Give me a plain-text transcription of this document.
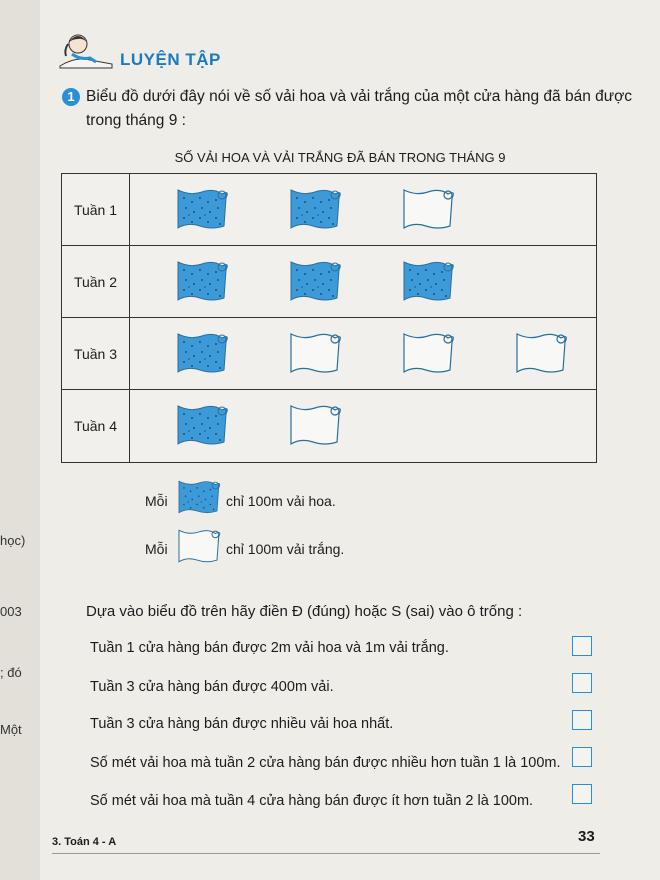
học)
003
; đó
Một
LUYỆN TẬP
1 Biểu đồ dưới đây nói về số vải hoa và vải trắng của một cửa hàng đã bán được
trong tháng 9 :
SỐ VẢI HOA VÀ VẢI TRẮNG ĐÃ BÁN TRONG THÁNG 9
Tuần 1
Tuần 2
Tuần 3
Tuần 4
Mỗi	chỉ 100m vải hoa.
Mỗi	chỉ 100m vải trắng.
Dựa vào biểu đồ trên hãy điền Đ (đúng) hoặc S (sai) vào ô trống :
Tuần 1 cửa hàng bán được 2m vải hoa và 1m vải trắng.
Tuần 3 cửa hàng bán được 400m vải.
Tuần 3 cửa hàng bán được nhiều vải hoa nhất.
Số mét vải hoa mà tuần 2 cửa hàng bán được nhiều hơn tuần 1 là 100m.
Số mét vải hoa mà tuần 4 cửa hàng bán được ít hơn tuần 2 là 100m.
3. Toán 4 - A	33
